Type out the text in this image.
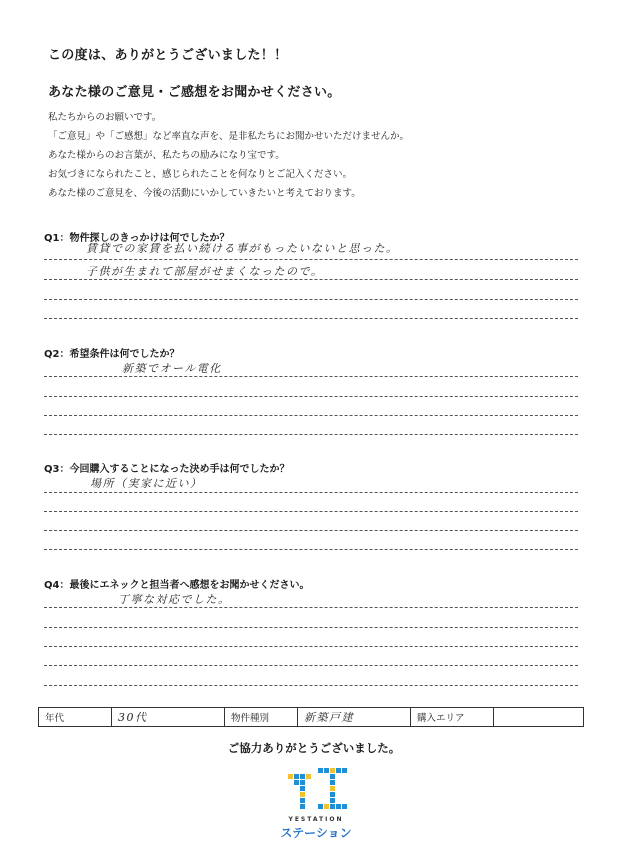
この度は、ありがとうございました！！
あなた様のご意見・ご感想をお聞かせください。
私たちからのお願いです。
「ご意見」や「ご感想」など率直な声を、是非私たちにお聞かせいただけませんか。
あなた様からのお言葉が、私たちの励みになり宝です。
お気づきになられたこと、感じられたことを何なりとご記入ください。
あなた様のご意見を、今後の活動にいかしていきたいと考えております。
Q1：物件探しのきっかけは何でしたか？
賃貸での家賃を払い続ける事がもったいないと思った。
子供が生まれて部屋がせまくなったので。
Q2：希望条件は何でしたか？
新築でオール電化
Q3：今回購入することになった決め手は何でしたか？
場所（実家に近い）
Q4：最後にエネックと担当者へ感想をお聞かせください。
丁寧な対応でした。
年代	30代	物件種別	新築戸建	購入エリア	
ご協力ありがとうございました。
YESTATION
ステーション
